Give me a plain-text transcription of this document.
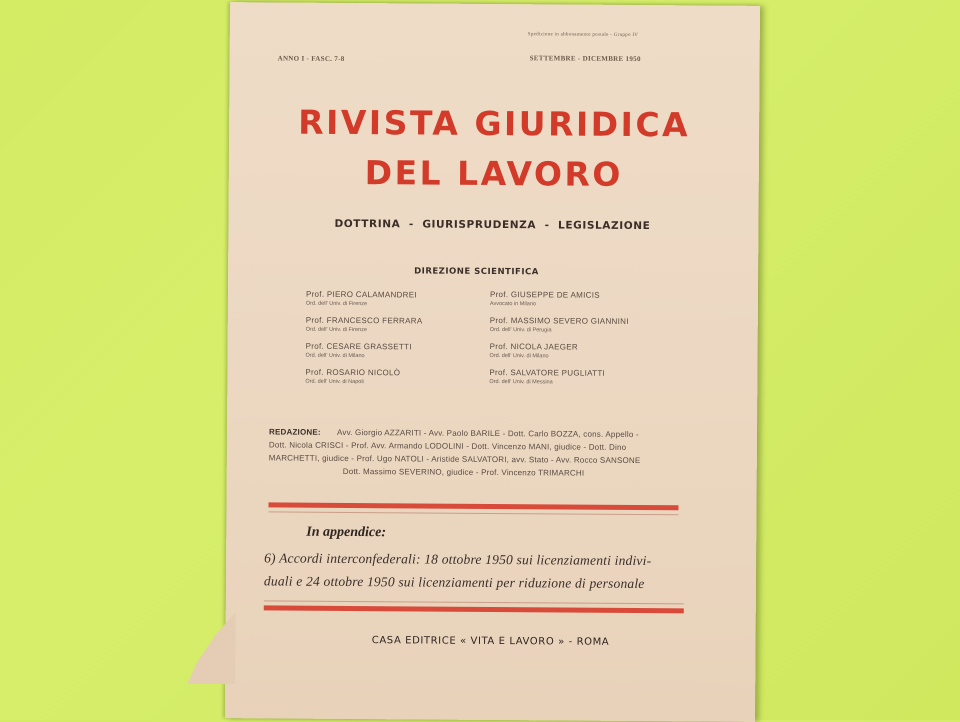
ANNO I - FASC. 7-8
Spedizione in abbonamento postale - Gruppo IV
SETTEMBRE - DICEMBRE 1950
RIVISTA GIURIDICA
DEL LAVORO
DOTTRINA  -  GIURISPRUDENZA  -  LEGISLAZIONE
DIREZIONE SCIENTIFICA
Prof. PIERO CALAMANDREI
Ord. dell' Univ. di Firenze
Prof. FRANCESCO FERRARA
Ord. dell' Univ. di Firenze
Prof. CESARE GRASSETTI
Ord. dell' Univ. di Milano
Prof. ROSARIO NICOLÒ
Ord. dell' Univ. di Napoli
Prof. GIUSEPPE DE AMICIS
Avvocato in Milano
Prof. MASSIMO SEVERO GIANNINI
Ord. dell' Univ. di Perugia
Prof. NICOLA JAEGER
Ord. dell' Univ. di Milano
Prof. SALVATORE PUGLIATTI
Ord. dell' Univ. di Messina
REDAZIONE: Avv. Giorgio AZZARITI - Avv. Paolo BARILE - Dott. Carlo BOZZA, cons. Appello -
Dott. Nicola CRISCI - Prof. Avv. Armando LODOLINI - Dott. Vincenzo MANI, giudice - Dott. Dino
MARCHETTI, giudice - Prof. Ugo NATOLI - Aristide SALVATORI, avv. Stato - Avv. Rocco SANSONE
Dott. Massimo SEVERINO, giudice - Prof. Vincenzo TRIMARCHI
In appendice:
6) Accordi interconfederali: 18 ottobre 1950 sui licenziamenti indivi-
duali e 24 ottobre 1950 sui licenziamenti per riduzione di personale
CASA EDITRICE « VITA E LAVORO » - ROMA
